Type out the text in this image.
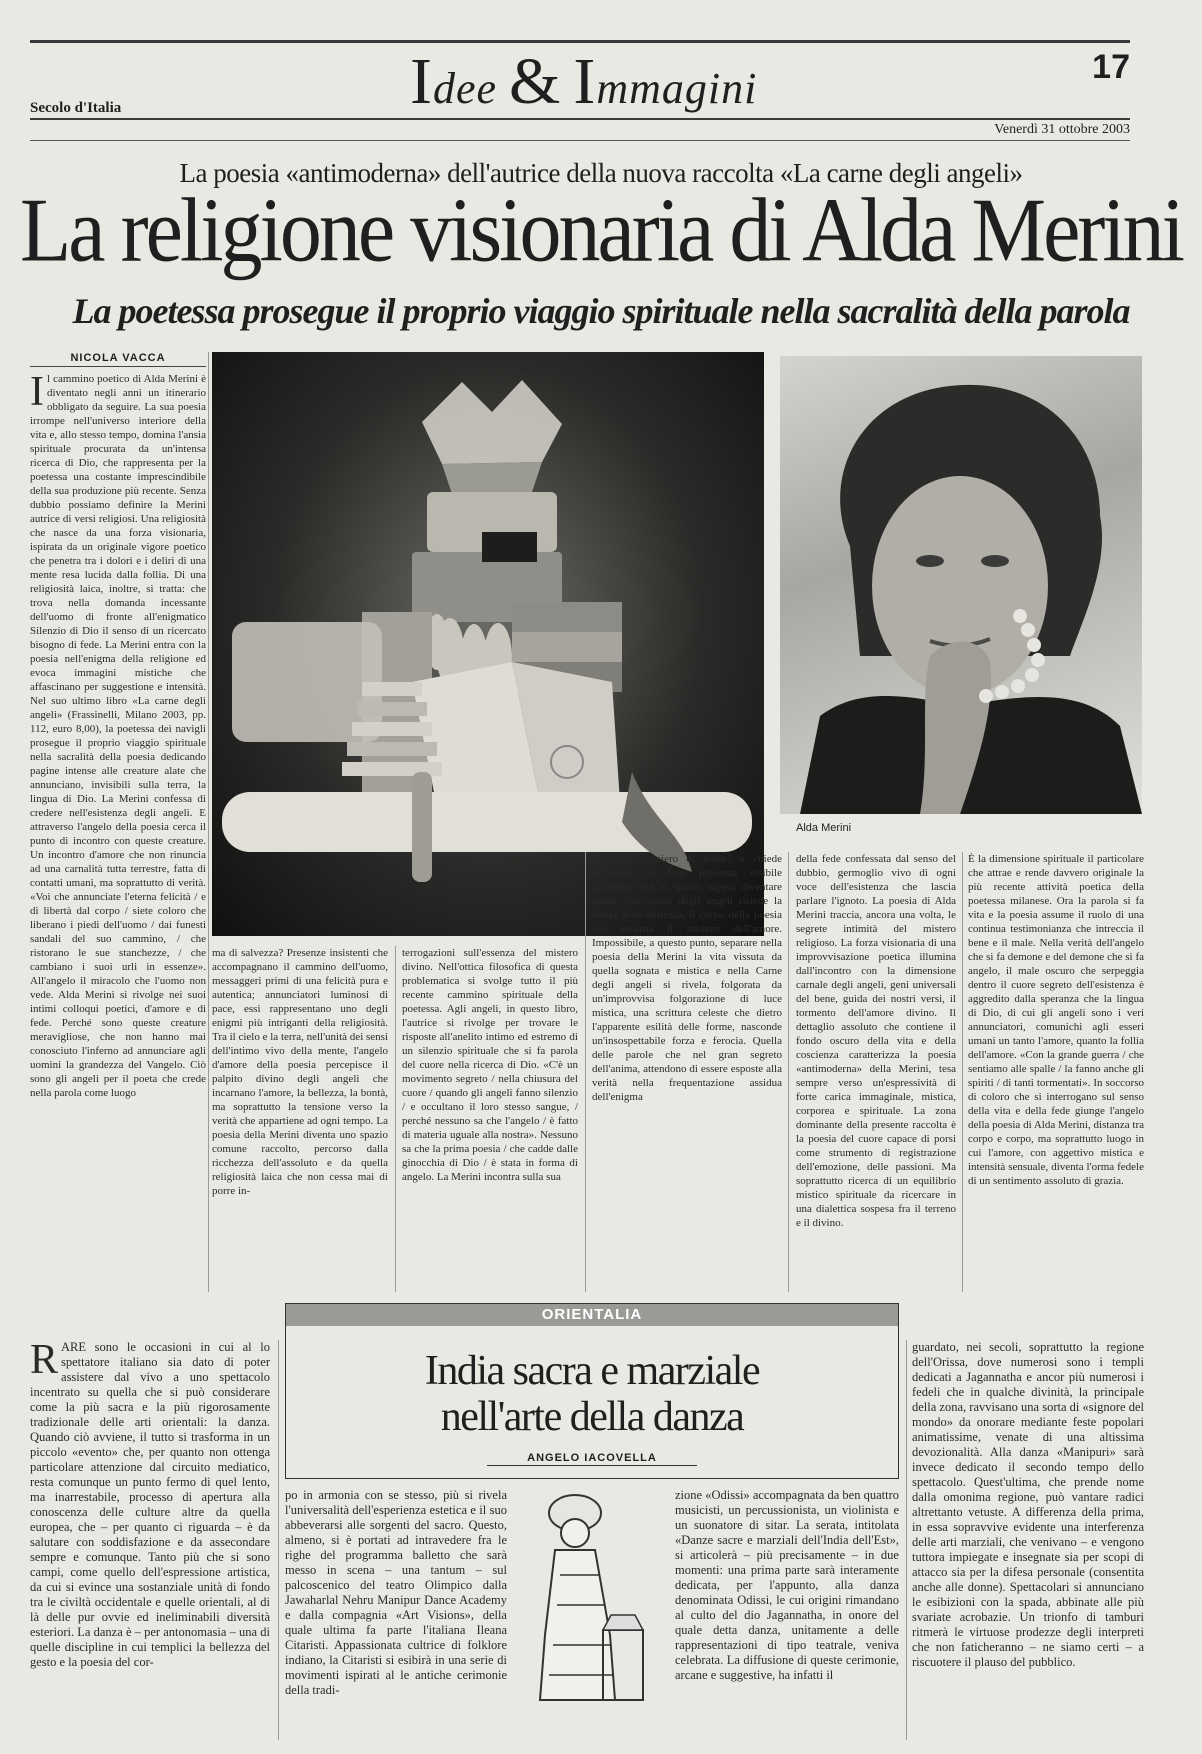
Idee & Immagini	17
Secolo d'Italia
Venerdì 31 ottobre 2003
La poesia «antimoderna» dell'autrice della nuova raccolta «La carne degli angeli»
La religione visionaria di Alda Merini
La poetessa prosegue il proprio viaggio spirituale nella sacralità della parola
NICOLA VACCA
Il cammino poetico di Alda Merini è diventato negli anni un itinerario obbligato da seguire. La sua poesia irrompe nell'universo interiore della vita e, allo stesso tempo, domina l'ansia spirituale procurata da un'intensa ricerca di Dio, che rappresenta per la poetessa una costante imprescindibile della sua produzione più recente. Senza dubbio possiamo definire la Merini autrice di versi religiosi. Una religiosità che nasce da una forza visionaria, ispirata da un originale vigore poetico che penetra tra i dolori e i deliri di una mente resa lucida dalla follia. Di una religiosità laica, inoltre, si tratta: che trova nella domanda incessante dell'uomo di fronte all'enigmatico Silenzio di Dio il senso di un ricercato bisogno di fede. La Merini entra con la poesia nell'enigma della religione ed evoca immagini mistiche che affascinano per suggestione e intensità. Nel suo ultimo libro «La carne degli angeli» (Frassinelli, Milano 2003, pp. 112, euro 8,00), la poetessa dei navigli prosegue il proprio viaggio spirituale nella sacralità della poesia dedicando pagine intense alle creature alate che annunciano, invisibili sulla terra, la lingua di Dio. La Merini confessa di credere nell'esistenza degli angeli. E attraverso l'angelo della poesia cerca il punto di incontro con queste creature. Un incontro d'amore che non rinuncia ad una carnalità tutta terrestre, fatta di contatti umani, ma soprattutto di verità. «Voi che annunciate l'eterna felicità / e di libertà dal corpo / siete coloro che liberano i piedi dell'uomo / dai funesti sandali del suo cammino, / che ristorano le sue stanchezze, / che cambiano i suoi urli in essenze». All'angelo il miracolo che l'uomo non vede. Alda Merini si rivolge nei suoi intimi colloqui poetici, d'amore e di fede. Perché sono queste creature meravigliose, che non hanno mai conosciuto l'inferno ad annunciare agli uomini la grandezza del Vangelo. Ciò sono gli angeli per il poeta che crede nella parola come luogo
Alda Merini
della fede confessata dal senso del dubbio, germoglio vivo di ogni voce dell'esistenza che lascia parlare l'ignoto. La poesia di Alda Merini traccia, ancora una volta, le segrete intimità del mistero religioso. La forza visionaria di una improvvisazione poetica illumina dall'incontro con la dimensione carnale degli angeli, geni universali del bene, guida dei nostri versi, il tormento dell'amore divino. Il dettaglio assoluto che contiene il fondo oscuro della vita e della coscienza caratterizza la poesia «antimoderna» della Merini, tesa sempre verso un'espressività di forte carica immaginale, mistica, corporea e spirituale. La zona dominante della presente raccolta è la poesia del cuore capace di porsi come strumento di registrazione dell'emozione, delle passioni. Ma soprattutto ricerca di un equilibrio mistico spirituale da ricercare in una dialettica sospesa fra il terreno e il divino.
È la dimensione spirituale il particolare che attrae e rende davvero originale la più recente attività poetica della poetessa milanese. Ora la parola si fa vita e la poesia assume il ruolo di una continua testimonianza che intreccia il bene e il male. Nella verità dell'angelo che si fa demone e del demone che si fa angelo, il male oscuro che serpeggia dentro il cuore segreto dell'esistenza è aggredito dalla speranza che la lingua di Dio, di cui gli angeli sono i veri annunciatori, comunichi agli esseri umani un tanto l'amore, quanto la follia dell'amore. «Con la grande guerra / che sentiamo alle spalle / la fanno anche gli spiriti / di tanti tormentati». In soccorso di coloro che si interrogano sul senso della vita e della fede giunge l'angelo della poesia di Alda Merini, distanza tra corpo e corpo, ma soprattutto luogo in cui l'amore, con aggettivo mistica e intensità sensuale, diventa l'orma fedele di un sentimento assoluto di grazia.
ma di salvezza? Presenze insistenti che accompagnano il cammino dell'uomo, messaggeri primi di una felicità pura e autentica; annunciatori luminosi di pace, essi rappresentano uno degli enigmi più intriganti della religiosità. Tra il cielo e la terra, nell'unità dei sensi dell'intimo vivo della mente, l'angelo d'amore della poesia percepisce il palpito divino degli angeli che incarnano l'amore, la bellezza, la bontà, ma soprattutto la tensione verso la verità che appartiene ad ogni tempo. La poesia della Merini diventa uno spazio comune raccolto, percorso dalla ricchezza dell'assoluto e da quella religiosità laica che non cessa mai di porre in-
terrogazioni sull'essenza del mistero divino. Nell'ottica filosofica di questa problematica si svolge tutto il più recente cammino spirituale della poetessa. Agli angeli, in questo libro, l'autrice si rivolge per trovare le risposte all'anelito intimo ed estremo di un silenzio spirituale che si fa parola del cuore nella ricerca di Dio. «C'è un movimento segreto / nella chiusura del cuore / quando gli angeli fanno silenzio / e occultano il loro stesso sangue, / perché nessuno sa che l'angelo / è fatto di materia uguale alla nostra». Nessuno sa che la prima poesia / che cadde dalle ginocchia di Dio / è stata in forma di angelo. La Merini incontra sulla sua
strada il pensiero di Rilke? e chiede all'angelo di farsi presenza visibile attraverso cui lo spirito sappia diventare carne. Nell'anima degli angeli risiede la verità della bellezza, il corpo della poesia che incarna il mistero dell'amore. Impossibile, a questo punto, separare nella poesia della Merini la vita vissuta da quella sognata e mistica e nella Carne degli angeli si rivela, folgorata da un'improvvisa folgorazione di luce mistica, una scrittura celeste che dietro l'apparente esilità delle forme, nasconde un'insospettabile forza e ferocia. Quella delle parole che nel gran segreto dell'anima, attendono di essere esposte alla verità nella frequentazione assidua dell'enigma
RARE sono le occasioni in cui al lo spettatore italiano sia dato di poter assistere dal vivo a uno spettacolo incentrato su quella che si può considerare come la più sacra e la più rigorosamente tradizionale delle arti orientali: la danza. Quando ciò avviene, il tutto si trasforma in un piccolo «evento» che, per quanto non ottenga particolare attenzione dal circuito mediatico, resta comunque un punto fermo di quel lento, ma inarrestabile, processo di apertura alla conoscenza delle culture altre da quella europea, che – per quanto ci riguarda – è da salutare con soddisfazione e da assecondare sempre e comunque. Tanto più che si sono campi, come quello dell'espressione artistica, da cui si evince una sostanziale unità di fondo tra le civiltà occidentale e quelle orientali, al di là delle pur ovvie ed ineliminabili diversità esteriori. La danza è – per antonomasia – una di quelle discipline in cui templici la bellezza del gesto e la poesia del cor-
ORIENTALIA
India sacra e marziale
nell'arte della danza
ANGELO IACOVELLA
po in armonia con se stesso, più si rivela l'universalità dell'esperienza estetica e il suo abbeverarsi alle sorgenti del sacro. Questo, almeno, si è portati ad intravedere fra le righe del programma balletto che sarà messo in scena – una tantum – sul palcoscenico del teatro Olimpico dalla Jawaharlal Nehru Manipur Dance Academy e dalla compagnia «Art Visions», della quale ultima fa parte l'italiana Ileana Citaristi. Appassionata cultrice di folklore indiano, la Citaristi si esibirà in una serie di movimenti ispirati al le antiche cerimonie della tradi-
zione «Odissi» accompagnata da ben quattro musicisti, un percussionista, un violinista e un suonatore di sitar. La serata, intitolata «Danze sacre e marziali dell'India dell'Est», si articolerà – più precisamente – in due momenti: una prima parte sarà interamente dedicata, per l'appunto, alla danza denominata Odissi, le cui origini rimandano al culto del dio Jagannatha, in onore del quale detta danza, unitamente a delle rappresentazioni di tipo teatrale, veniva celebrata. La diffusione di queste cerimonie, arcane e suggestive, ha infatti il
guardato, nei secoli, soprattutto la regione dell'Orissa, dove numerosi sono i templi dedicati a Jagannatha e ancor più numerosi i fedeli che in qualche divinità, la principale della zona, ravvisano una sorta di «signore del mondo» da onorare mediante feste popolari animatissime, venate di una altissima devozionalità. Alla danza «Manipuri» sarà invece dedicato il secondo tempo dello spettacolo. Quest'ultima, che prende nome dalla omonima regione, può vantare radici altrettanto vetuste. A differenza della prima, in essa sopravvive evidente una interferenza delle arti marziali, che venivano – e vengono tuttora impiegate e insegnate sia per scopi di attacco sia per la difesa personale (consentita anche alle donne). Spettacolari si annunciano le esibizioni con la spada, abbinate alle più svariate acrobazie. Un trionfo di tamburi ritmerà le virtuose prodezze degli interpreti che non faticheranno – ne siamo certi – a riscuotere il plauso del pubblico.
